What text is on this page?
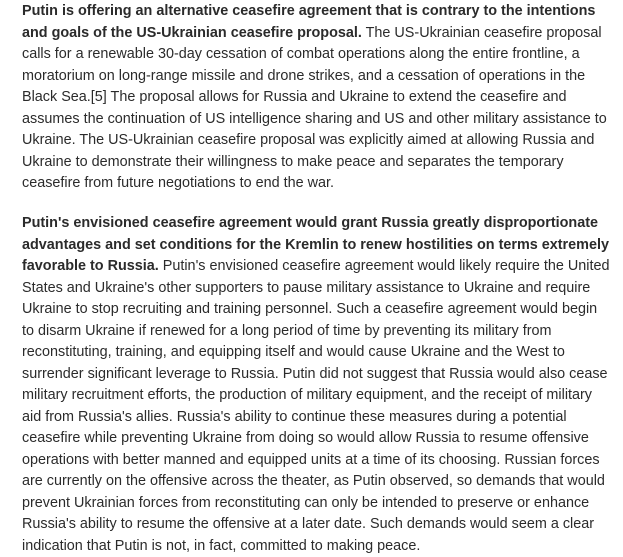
Putin is offering an alternative ceasefire agreement that is contrary to the intentions and goals of the US-Ukrainian ceasefire proposal. The US-Ukrainian ceasefire proposal calls for a renewable 30-day cessation of combat operations along the entire frontline, a moratorium on long-range missile and drone strikes, and a cessation of operations in the Black Sea.[5] The proposal allows for Russia and Ukraine to extend the ceasefire and assumes the continuation of US intelligence sharing and US and other military assistance to Ukraine. The US-Ukrainian ceasefire proposal was explicitly aimed at allowing Russia and Ukraine to demonstrate their willingness to make peace and separates the temporary ceasefire from future negotiations to end the war.

Putin's envisioned ceasefire agreement would grant Russia greatly disproportionate advantages and set conditions for the Kremlin to renew hostilities on terms extremely favorable to Russia. Putin's envisioned ceasefire agreement would likely require the United States and Ukraine's other supporters to pause military assistance to Ukraine and require Ukraine to stop recruiting and training personnel. Such a ceasefire agreement would begin to disarm Ukraine if renewed for a long period of time by preventing its military from reconstituting, training, and equipping itself and would cause Ukraine and the West to surrender significant leverage to Russia. Putin did not suggest that Russia would also cease military recruitment efforts, the production of military equipment, and the receipt of military aid from Russia's allies. Russia's ability to continue these measures during a potential ceasefire while preventing Ukraine from doing so would allow Russia to resume offensive operations with better manned and equipped units at a time of its choosing. Russian forces are currently on the offensive across the theater, as Putin observed, so demands that would prevent Ukrainian forces from reconstituting can only be intended to preserve or enhance Russia's ability to resume the offensive at a later date. Such demands would seem a clear indication that Putin is not, in fact, committed to making peace.
